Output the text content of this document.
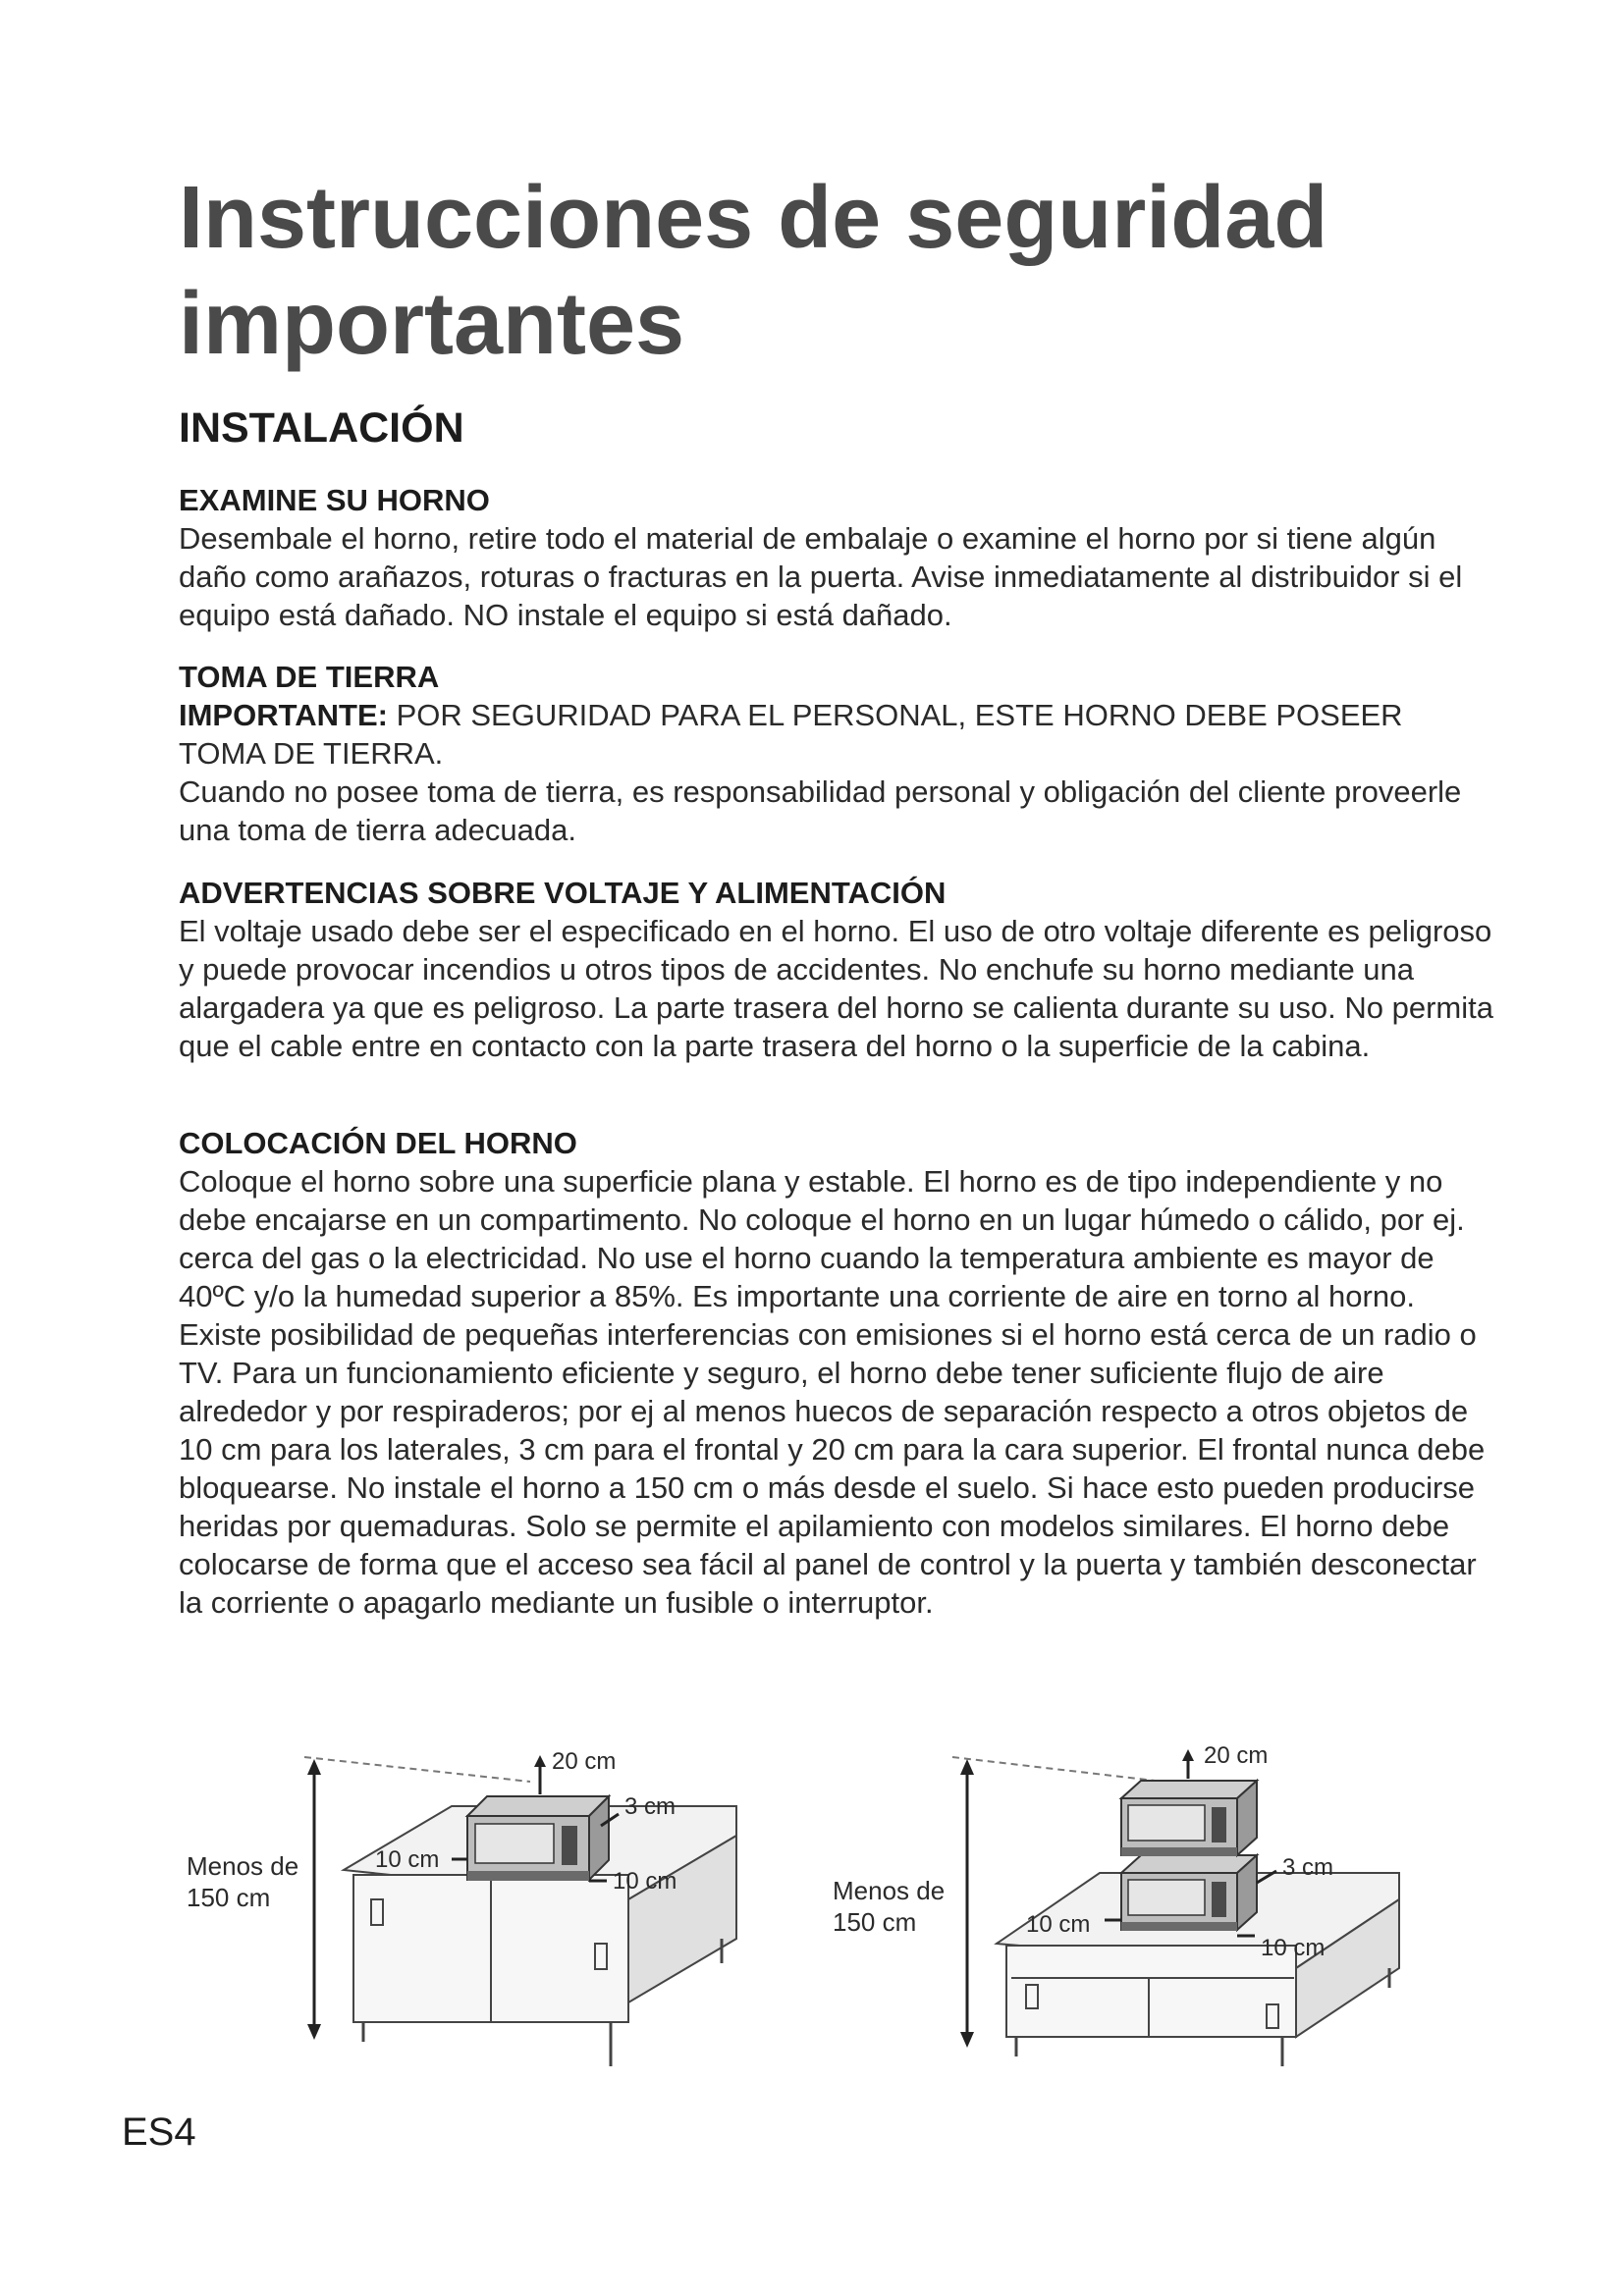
Instrucciones de seguridad importantes
INSTALACIÓN
EXAMINE SU HORNO

Desembale el horno, retire todo el material de embalaje o examine el horno por si tiene algún daño como arañazos, roturas o fracturas en la puerta. Avise inmediatamente al distribuidor si el equipo está dañado. NO instale el equipo si está dañado.

TOMA DE TIERRA

IMPORTANTE: POR SEGURIDAD PARA EL PERSONAL, ESTE HORNO DEBE POSEER TOMA DE TIERRA.

Cuando no posee toma de tierra, es responsabilidad personal y obligación del cliente proveerle una toma de tierra adecuada.

ADVERTENCIAS SOBRE VOLTAJE Y ALIMENTACIÓN

El voltaje usado debe ser el especificado en el horno. El uso de otro voltaje diferente es peligroso y puede provocar incendios u otros tipos de accidentes. No enchufe su horno mediante una alargadera ya que es peligroso. La parte trasera del horno se calienta durante su uso. No permita que el cable entre en contacto con la parte trasera del horno o la superficie de la cabina.

COLOCACIÓN DEL HORNO

Coloque el horno sobre una superficie plana y estable. El horno es de tipo independiente y no debe encajarse en un compartimento. No coloque el horno en un lugar húmedo o cálido, por ej. cerca del gas o la electricidad. No use el horno cuando la temperatura ambiente es mayor de 40ºC y/o la humedad superior a 85%. Es importante una corriente de aire en torno al horno. Existe posibilidad de pequeñas interferencias con emisiones si el horno está cerca de un radio o TV. Para un funcionamiento eficiente y seguro, el horno debe tener suficiente flujo de aire alrededor y por respiraderos; por ej al menos huecos de separación respecto a otros objetos de 10 cm para los laterales, 3 cm para el frontal y 20 cm para la cara superior. El frontal nunca debe bloquearse. No instale el horno a 150 cm o más desde el suelo. Si hace esto pueden producirse heridas por quemaduras. Solo se permite el apilamiento con modelos similares. El horno debe colocarse de forma que el acceso sea fácil al panel de control y la puerta y también desconectar la corriente o apagarlo mediante un fusible o interruptor.

Menos de
150 cm
20 cm
3 cm
10 cm
10 cm	Menos de
150 cm
20 cm
3 cm
10 cm
10 cm
ES4
